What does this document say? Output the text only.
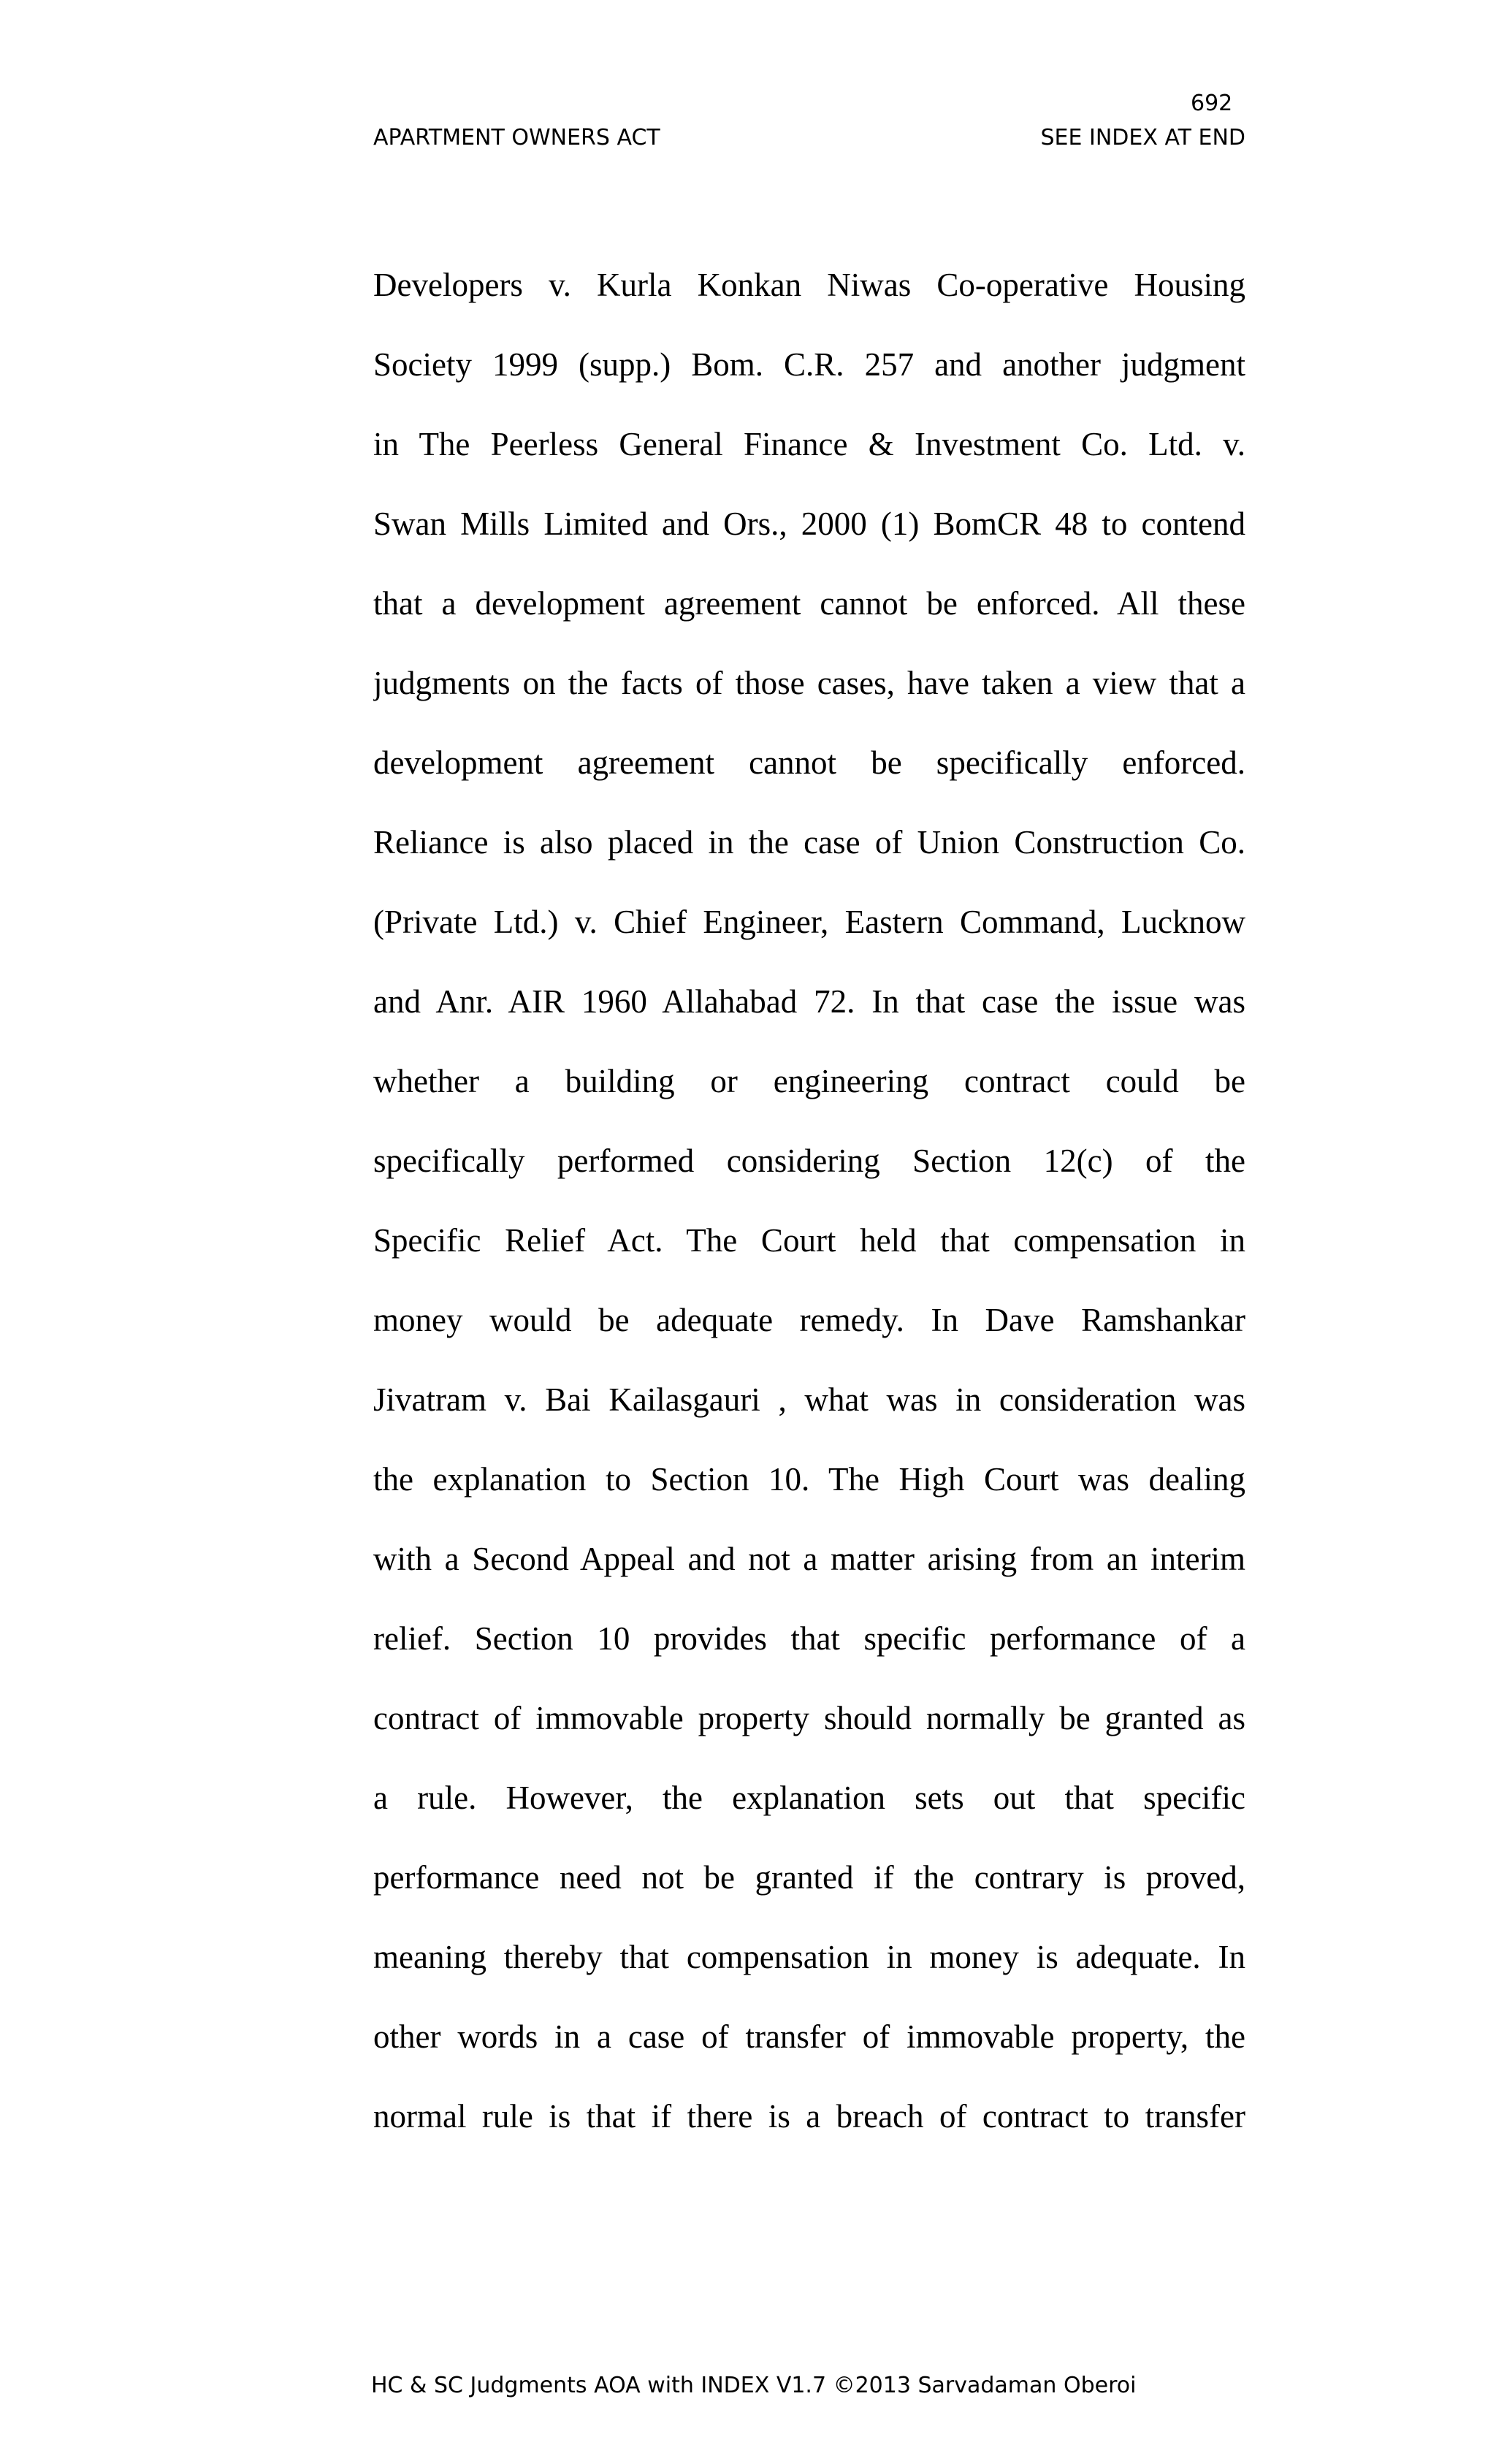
692
APARTMENT OWNERS ACT	SEE INDEX AT END
Developers v. Kurla Konkan Niwas Co-operative Housing
Society 1999 (supp.) Bom. C.R. 257 and another judgment
in The Peerless General Finance & Investment Co. Ltd. v.
Swan Mills Limited and Ors., 2000 (1) BomCR 48 to contend
that a development agreement cannot be enforced. All these
judgments on the facts of those cases, have taken a view that a
development agreement cannot be specifically enforced.
Reliance is also placed in the case of Union Construction Co.
(Private Ltd.) v. Chief Engineer, Eastern Command, Lucknow
and Anr. AIR 1960 Allahabad 72. In that case the issue was
whether a building or engineering contract could be
specifically performed considering Section 12(c) of the
Specific Relief Act. The Court held that compensation in
money would be adequate remedy. In Dave Ramshankar
Jivatram v. Bai Kailasgauri , what was in consideration was
the explanation to Section 10. The High Court was dealing
with a Second Appeal and not a matter arising from an interim
relief. Section 10 provides that specific performance of a
contract of immovable property should normally be granted as
a rule. However, the explanation sets out that specific
performance need not be granted if the contrary is proved,
meaning thereby that compensation in money is adequate. In
other words in a case of transfer of immovable property, the
normal rule is that if there is a breach of contract to transfer
HC & SC Judgments AOA with INDEX V1.7 ©2013 Sarvadaman Oberoi
